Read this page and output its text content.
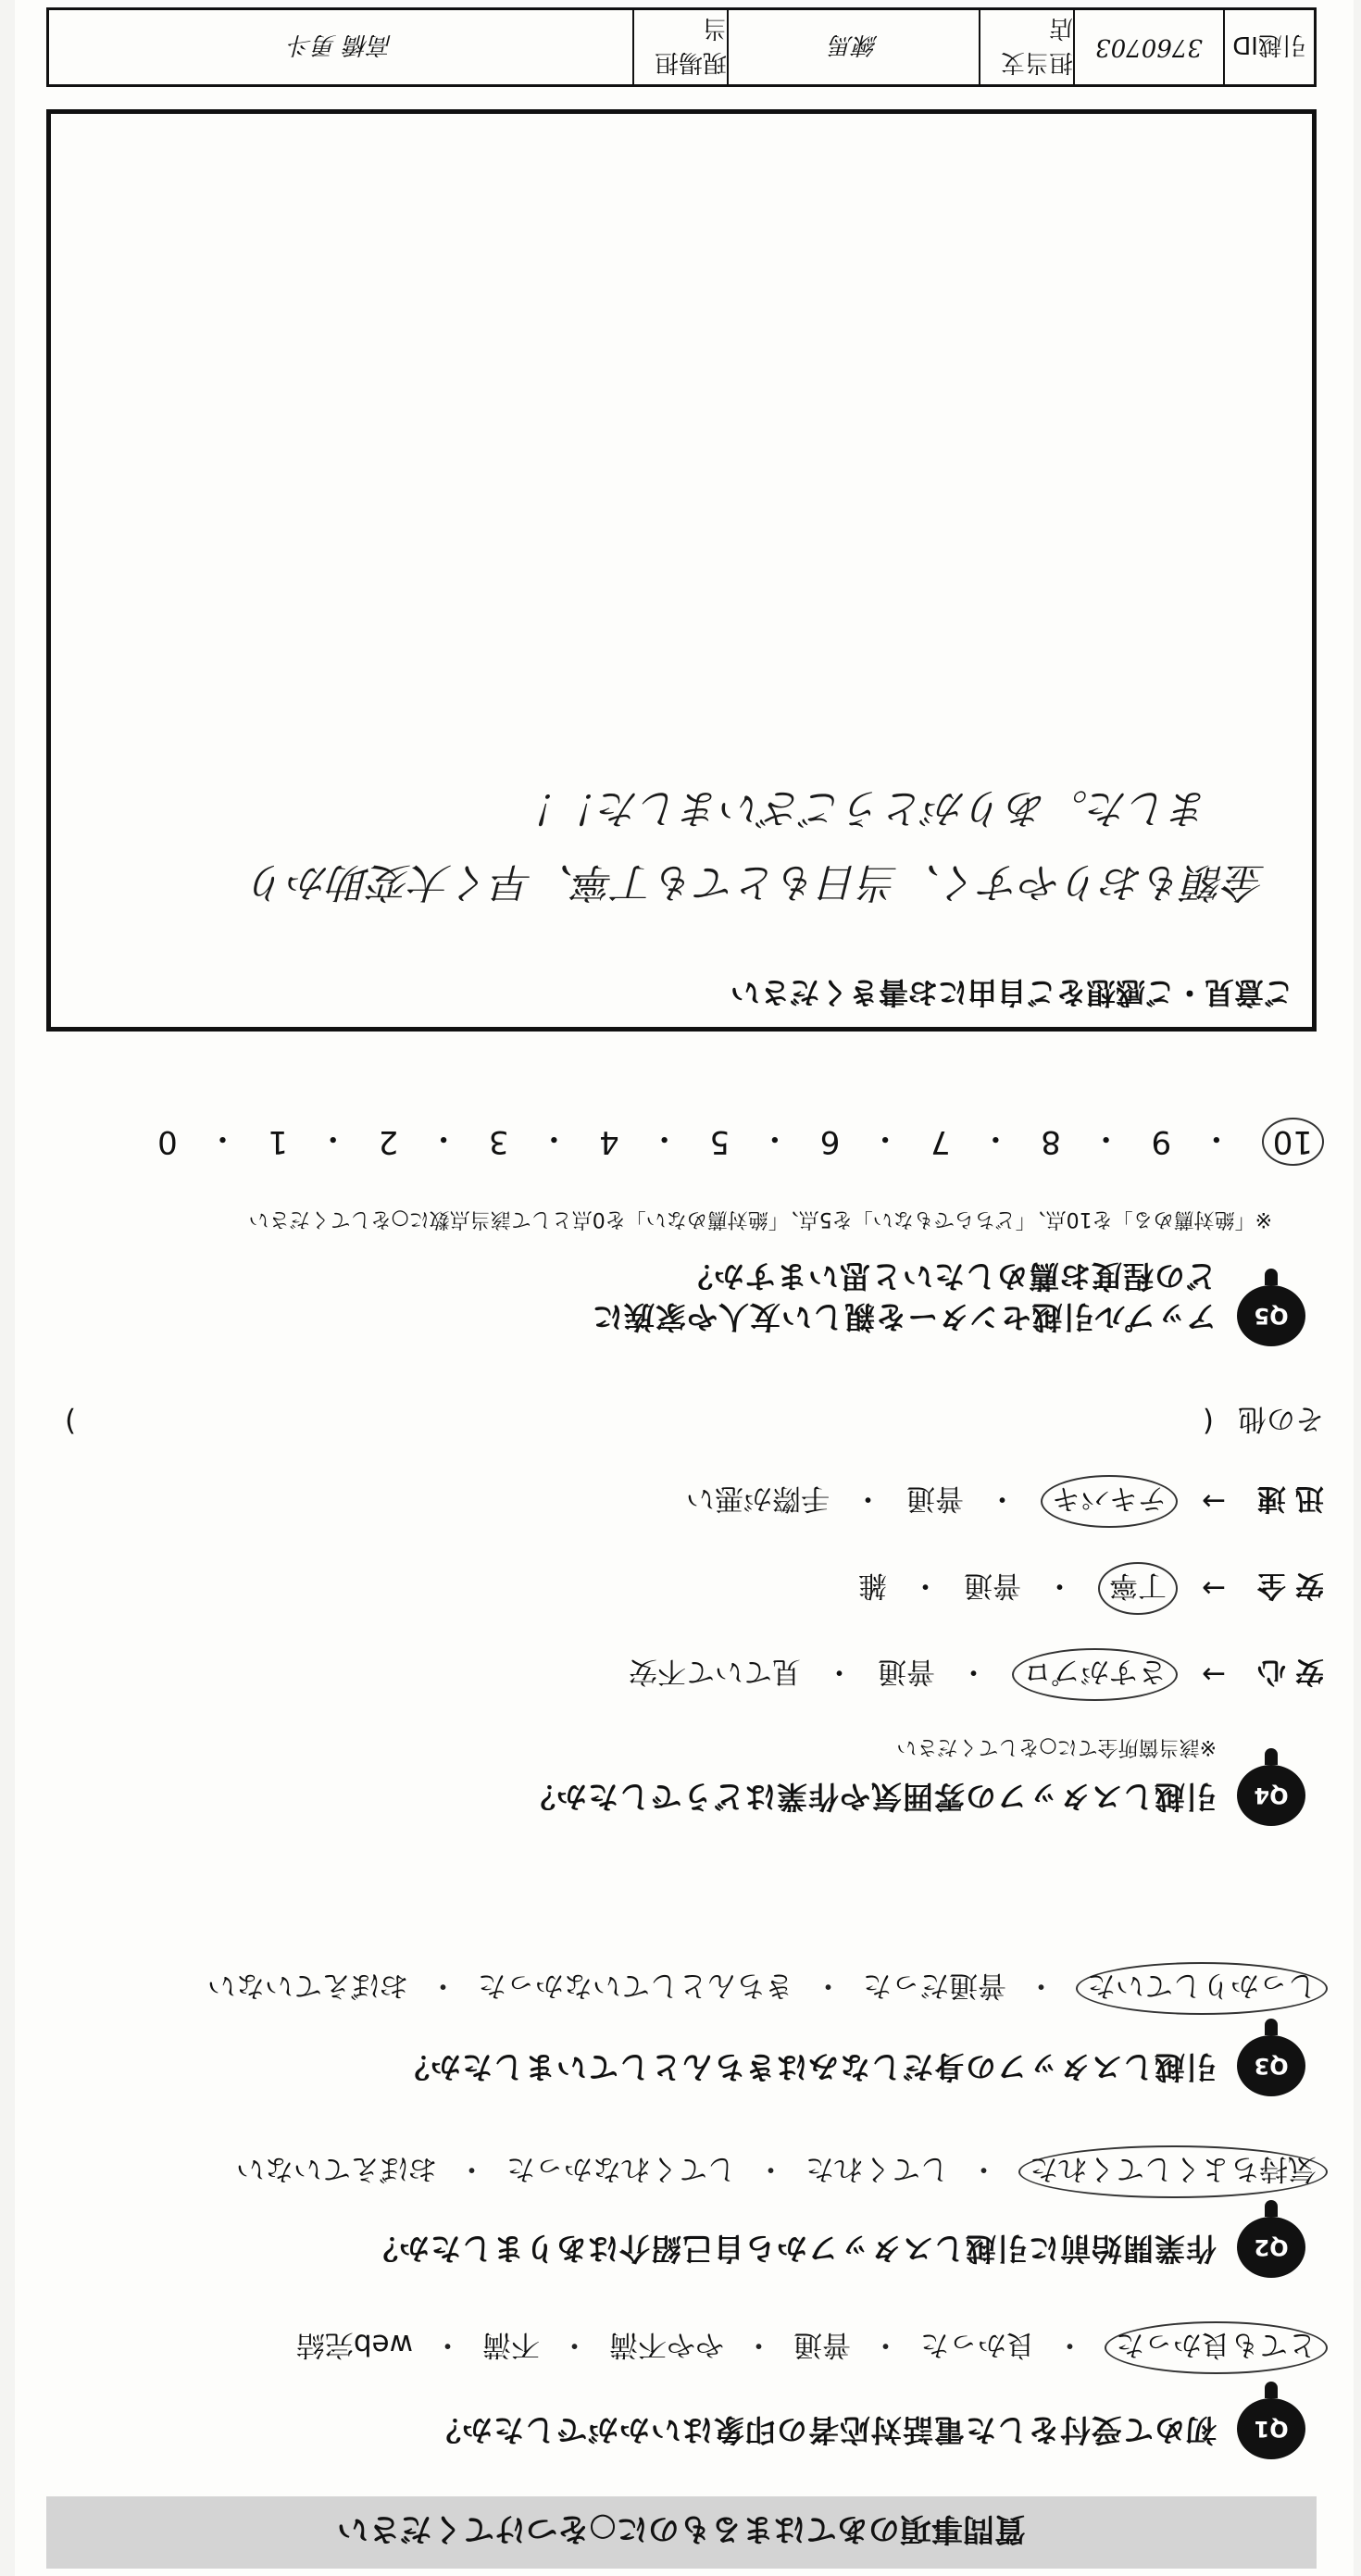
質問事項のあてはまるものに○をつけてください
Q1
初めて受付をした電話対応者の印象はいかがでしたか？
とても良かった
・
良かった
・
普通
・
やや不満
・
不満
・
web完結
Q2
作業開始前に引越しスタッフから自己紹介はありましたか？
気持ちよくしてくれた
・
してくれた
・
してくれなかった
・
おぼえていない
Q3
引越しスタッフの身だしなみはきちんとしていましたか？
しっかりしていた
・
普通だった
・
きちんとしていなかった
・
おぼえていない
Q4
引越しスタッフの雰囲気や作業はどうでしたか？
※該当箇所全てに○をしてください
安心
→
さすがプロ
・
普通
・
見ていて不安
安全
→
丁寧
・
普通
・
雑
迅速
→
テキパキ
・
普通
・
手際が悪い
その他
(
)
Q5
アップル引越センターを親しい友人や家族に
どの程度お薦めしたいと思いますか？
※「絶対薦める」を10点、「どちらでもない」を5点、「絶対薦めない」を0点として該当点数に○をしてください
10
・
9
・
8
・
7
・
6
・
5
・
4
・
3
・
2
・
1
・
0
ご意見・ご感想をご自由にお書きください
金額もおりやすく、当日もとても丁寧、早く大変助かり
ました。ありがとうございました！！
引越ID
3760703
担当支店
練馬
現場担当
高橋 勇斗
